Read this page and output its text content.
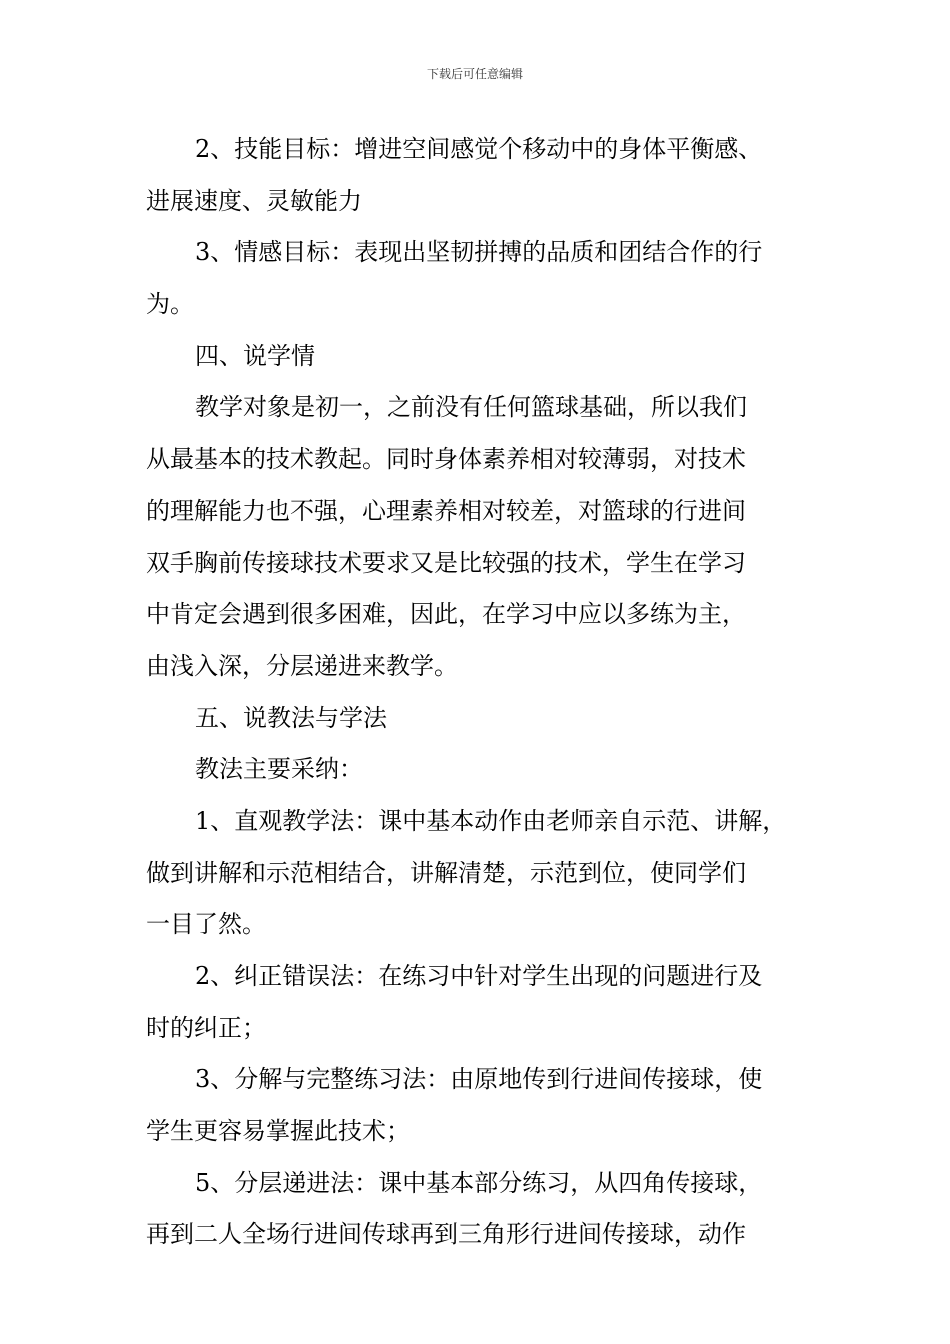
下载后可任意编辑
2、技能目标：增进空间感觉个移动中的身体平衡感、
进展速度、灵敏能力
3、情感目标：表现出坚韧拼搏的品质和团结合作的行
为。
四、说学情
教学对象是初一，之前没有任何篮球基础，所以我们
从最基本的技术教起。同时身体素养相对较薄弱，对技术
的理解能力也不强，心理素养相对较差，对篮球的行进间
双手胸前传接球技术要求又是比较强的技术，学生在学习
中肯定会遇到很多困难，因此，在学习中应以多练为主，
由浅入深，分层递进来教学。
五、说教法与学法
教法主要采纳：
1、直观教学法：课中基本动作由老师亲自示范、讲解，
做到讲解和示范相结合，讲解清楚，示范到位，使同学们
一目了然。
2、纠正错误法：在练习中针对学生出现的问题进行及
时的纠正；
3、分解与完整练习法：由原地传到行进间传接球，使
学生更容易掌握此技术；
5、分层递进法：课中基本部分练习，从四角传接球，
再到二人全场行进间传球再到三角形行进间传接球，动作
